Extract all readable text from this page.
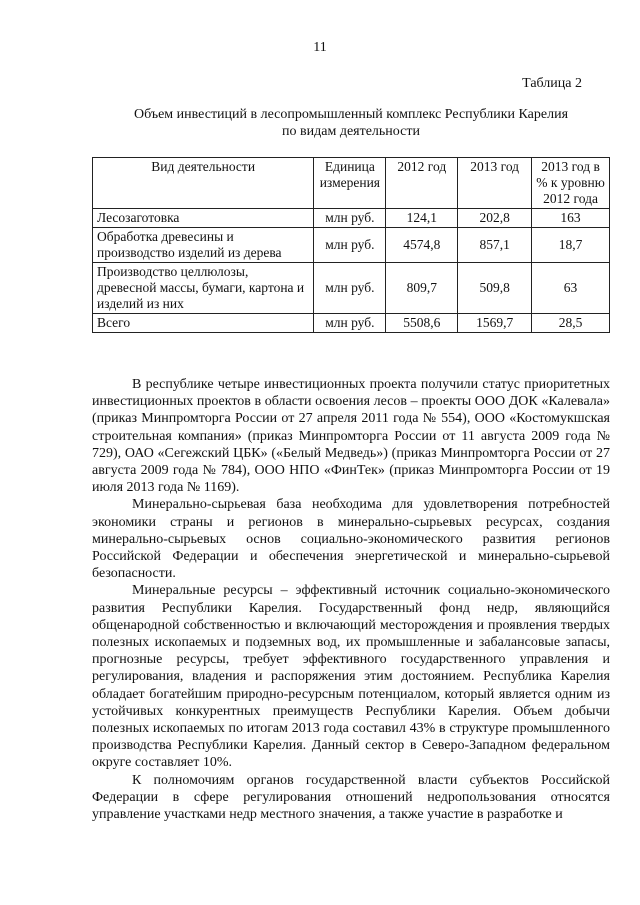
11
Таблица 2
Объем инвестиций в лесопромышленный комплекс Республики Карелия
по видам деятельности
Вид деятельности	Единица измерения	2012 год	2013 год	2013 год в % к уровню 2012 года
Лесозаготовка	млн руб.	124,1	202,8	163
Обработка древесины и производство изделий из дерева	млн руб.	4574,8	857,1	18,7
Производство целлюлозы, древесной массы, бумаги, картона и изделий из них	млн руб.	809,7	509,8	63
Всего	млн руб.	5508,6	1569,7	28,5

В республике четыре инвестиционных проекта получили статус приоритетных инвестиционных проектов в области освоения лесов – проекты ООО ДОК «Калевала» (приказ Минпромторга России от 27 апреля 2011 года № 554), ООО «Костомукшская строительная компания» (приказ Минпромторга России от 11 августа 2009 года № 729), ОАО «Сегежский ЦБК» («Белый Медведь») (приказ Минпромторга России от 27 августа 2009 года № 784), ООО НПО «ФинТек» (приказ Минпромторга России от 19 июля 2013 года № 1169).

Минерально-сырьевая база необходима для удовлетворения потребностей экономики страны и регионов в минерально-сырьевых ресурсах, создания минерально-сырьевых основ социально-экономического развития регионов Российской Федерации и обеспечения энергетической и минерально-сырьевой безопасности.

Минеральные ресурсы – эффективный источник социально-экономического развития Республики Карелия. Государственный фонд недр, являющийся общенародной собственностью и включающий месторождения и проявления твердых полезных ископаемых и подземных вод, их промышленные и забалансовые запасы, прогнозные ресурсы, требует эффективного государственного управления и регулирования, владения и распоряжения этим достоянием. Республика Карелия обладает богатейшим природно-ресурсным потенциалом, который является одним из устойчивых конкурентных преимуществ Республики Карелия. Объем добычи полезных ископаемых по итогам 2013 года составил 43% в структуре промышленного производства Республики Карелия. Данный сектор в Северо-Западном федеральном округе составляет 10%.

К полномочиям органов государственной власти субъектов Российской Федерации в сфере регулирования отношений недропользования относятся управление участками недр местного значения, а также участие в разработке и
